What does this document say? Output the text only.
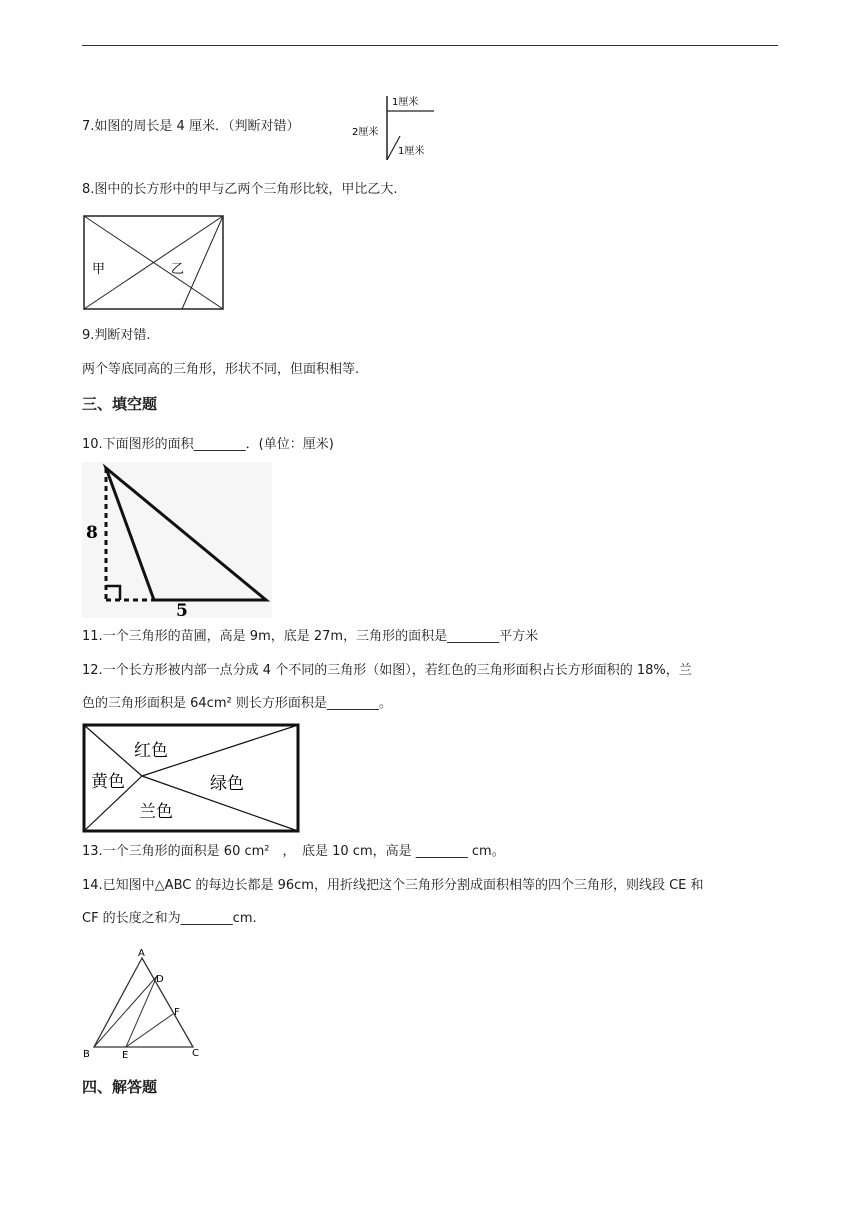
7.如图的周长是 4 厘米．（判断对错）
1厘米
2厘米
1厘米
8.图中的长方形中的甲与乙两个三角形比较，甲比乙大.
甲	乙
9.判断对错.
两个等底同高的三角形，形状不同，但面积相等.
三、填空题
10.下面图形的面积________．(单位：厘米)
8
5
11.一个三角形的苗圃，高是 9m，底是 27m，三角形的面积是________平方米
12.一个长方形被内部一点分成 4 个不同的三角形（如图），若红色的三角形面积占长方形面积的 18%，兰
色的三角形面积是 64cm² 则长方形面积是________。
红色
黄色	绿色
兰色
13.一个三角形的面积是 60 cm²　，　底是 10 cm，高是 ________ cm。
14.已知图中△ABC 的每边长都是 96cm，用折线把这个三角形分割成面积相等的四个三角形，则线段 CE 和
CF 的长度之和为________cm.
A
B	C
D
E
F
四、解答题
